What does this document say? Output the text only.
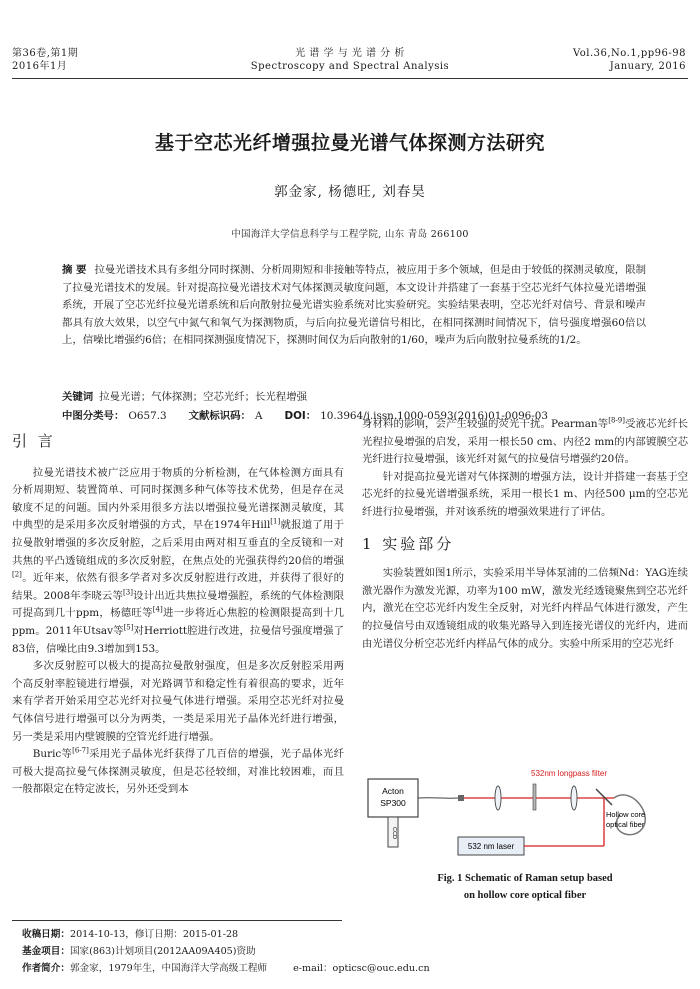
第36卷,第1期
2016年1月
光 谱 学 与 光 谱 分 析
Spectroscopy and Spectral Analysis
Vol.36,No.1,pp96-98
January, 2016
基于空芯光纤增强拉曼光谱气体探测方法研究
郭金家, 杨德旺, 刘春昊
中国海洋大学信息科学与工程学院, 山东 青岛 266100
摘 要 拉曼光谱技术具有多组分同时探测、分析周期短和非接触等特点，被应用于多个领域，但是由于较低的探测灵敏度，限制了拉曼光谱技术的发展。针对提高拉曼光谱技术对气体探测灵敏度问题，本文设计并搭建了一套基于空芯光纤气体拉曼光谱增强系统，开展了空芯光纤拉曼光谱系统和后向散射拉曼光谱实验系统对比实验研究。实验结果表明，空芯光纤对信号、背景和噪声都具有放大效果，以空气中氮气和氧气为探测物质，与后向拉曼光谱信号相比，在相同探测时间情况下，信号强度增强60倍以上，信噪比增强约6倍；在相同探测强度情况下，探测时间仅为后向散射的1/60，噪声为后向散射拉曼系统的1/2。
关键词 拉曼光谱；气体探测；空芯光纤；长光程增强
中图分类号： O657.3 文献标识码： A DOI： 10.3964/j.issn.1000-0593(2016)01-0096-03
引 言
拉曼光谱技术被广泛应用于物质的分析检测，在气体检测方面具有分析周期短、装置简单、可同时探测多种气体等技术优势，但是存在灵敏度不足的问题。国内外采用很多方法以增强拉曼光谱探测灵敏度，其中典型的是采用多次反射增强的方式，早在1974年Hill[1]就报道了用于拉曼散射增强的多次反射腔，之后采用由两对相互垂直的全反镜和一对共焦的平凸透镜组成的多次反射腔，在焦点处的光强获得约20倍的增强[2]。近年来，依然有很多学者对多次反射腔进行改进，并获得了很好的结果。2008年李晓云等[3]设计出近共焦拉曼增强腔，系统的气体检测限可提高到几十ppm，杨德旺等[4]进一步将近心焦腔的检测限提高到十几ppm。2011年Utsav等[5]对Herriott腔进行改进，拉曼信号强度增强了83倍，信噪比由9.3增加到153。
多次反射腔可以极大的提高拉曼散射强度，但是多次反射腔采用两个高反射率腔镜进行增强，对光路调节和稳定性有着很高的要求，近年来有学者开始采用空芯光纤对拉曼气体进行增强。采用空芯光纤对拉曼气体信号进行增强可以分为两类，一类是采用光子晶体光纤进行增强，另一类是采用内壁镀膜的空管光纤进行增强。
Buric等[6-7]采用光子晶体光纤获得了几百倍的增强，光子晶体光纤可极大提高拉曼气体探测灵敏度，但是芯径较细，对准比较困难，而且一般都限定在特定波长，另外还受到本
身材料的影响，会产生较强的荧光干扰。Pearman等[8-9]受液芯光纤长光程拉曼增强的启发，采用一根长50 cm、内径2 mm的内部镀膜空芯光纤进行拉曼增强，该光纤对氮气的拉曼信号增强约20倍。
针对提高拉曼光谱对气体探测的增强方法，设计并搭建一套基于空芯光纤的拉曼光谱增强系统，采用一根长1 m、内径500 μm的空芯光纤进行拉曼增强，并对该系统的增强效果进行了评估。
1 实验部分
实验装置如图1所示，实验采用半导体泵浦的二倍频Nd：YAG连续激光器作为激发光源，功率为100 mW，激发光经透镜聚焦到空芯光纤内，激光在空芯光纤内发生全反射，对光纤内样品气体进行激发，产生的拉曼信号由双透镜组成的收集光路导入到连接光谱仪的光纤内，进而由光谱仪分析空芯光纤内样品气体的成分。实验中所采用的空芯光纤
532nm longpass filter
Acton
SP300
CCD
Hollow core
optical fiber
532 nm laser
Fig. 1 Schematic of Raman setup based
on hollow core optical fiber
收稿日期：2014-10-13，修订日期：2015-01-28
基金项目：国家(863)计划项目(2012AA09A405)资助
作者简介：郭金家，1979年生，中国海洋大学高级工程师	e-mail：opticsc@ouc.edu.cn
